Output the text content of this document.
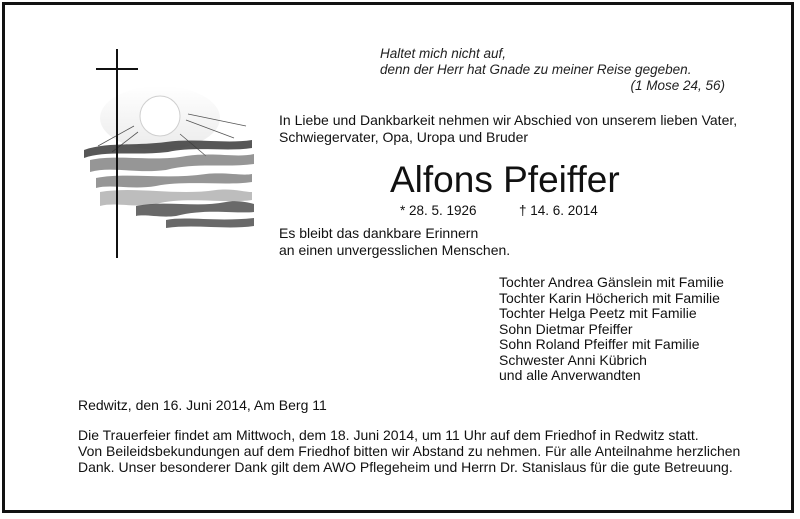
Haltet mich nicht auf,
denn der Herr hat Gnade zu meiner Reise gegeben.
(1 Mose 24, 56)
In Liebe und Dankbarkeit nehmen wir Abschied von unserem lieben Vater,
Schwiegervater, Opa, Uropa und Bruder
Alfons Pfeiffer
* 28. 5. 1926	† 14. 6. 2014
Es bleibt das dankbare Erinnern
an einen unvergesslichen Menschen.
Tochter Andrea Gänslein mit Familie
Tochter Karin Höcherich mit Familie
Tochter Helga Peetz mit Familie
Sohn Dietmar Pfeiffer
Sohn Roland Pfeiffer mit Familie
Schwester Anni Kübrich
und alle Anverwandten
Redwitz, den 16. Juni 2014, Am Berg 11
Die Trauerfeier findet am Mittwoch, dem 18. Juni 2014, um 11 Uhr auf dem Friedhof in Redwitz statt.
Von Beileidsbekundungen auf dem Friedhof bitten wir Abstand zu nehmen. Für alle Anteilnahme herzlichen
Dank. Unser besonderer Dank gilt dem AWO Pflegeheim und Herrn Dr. Stanislaus für die gute Betreuung.
